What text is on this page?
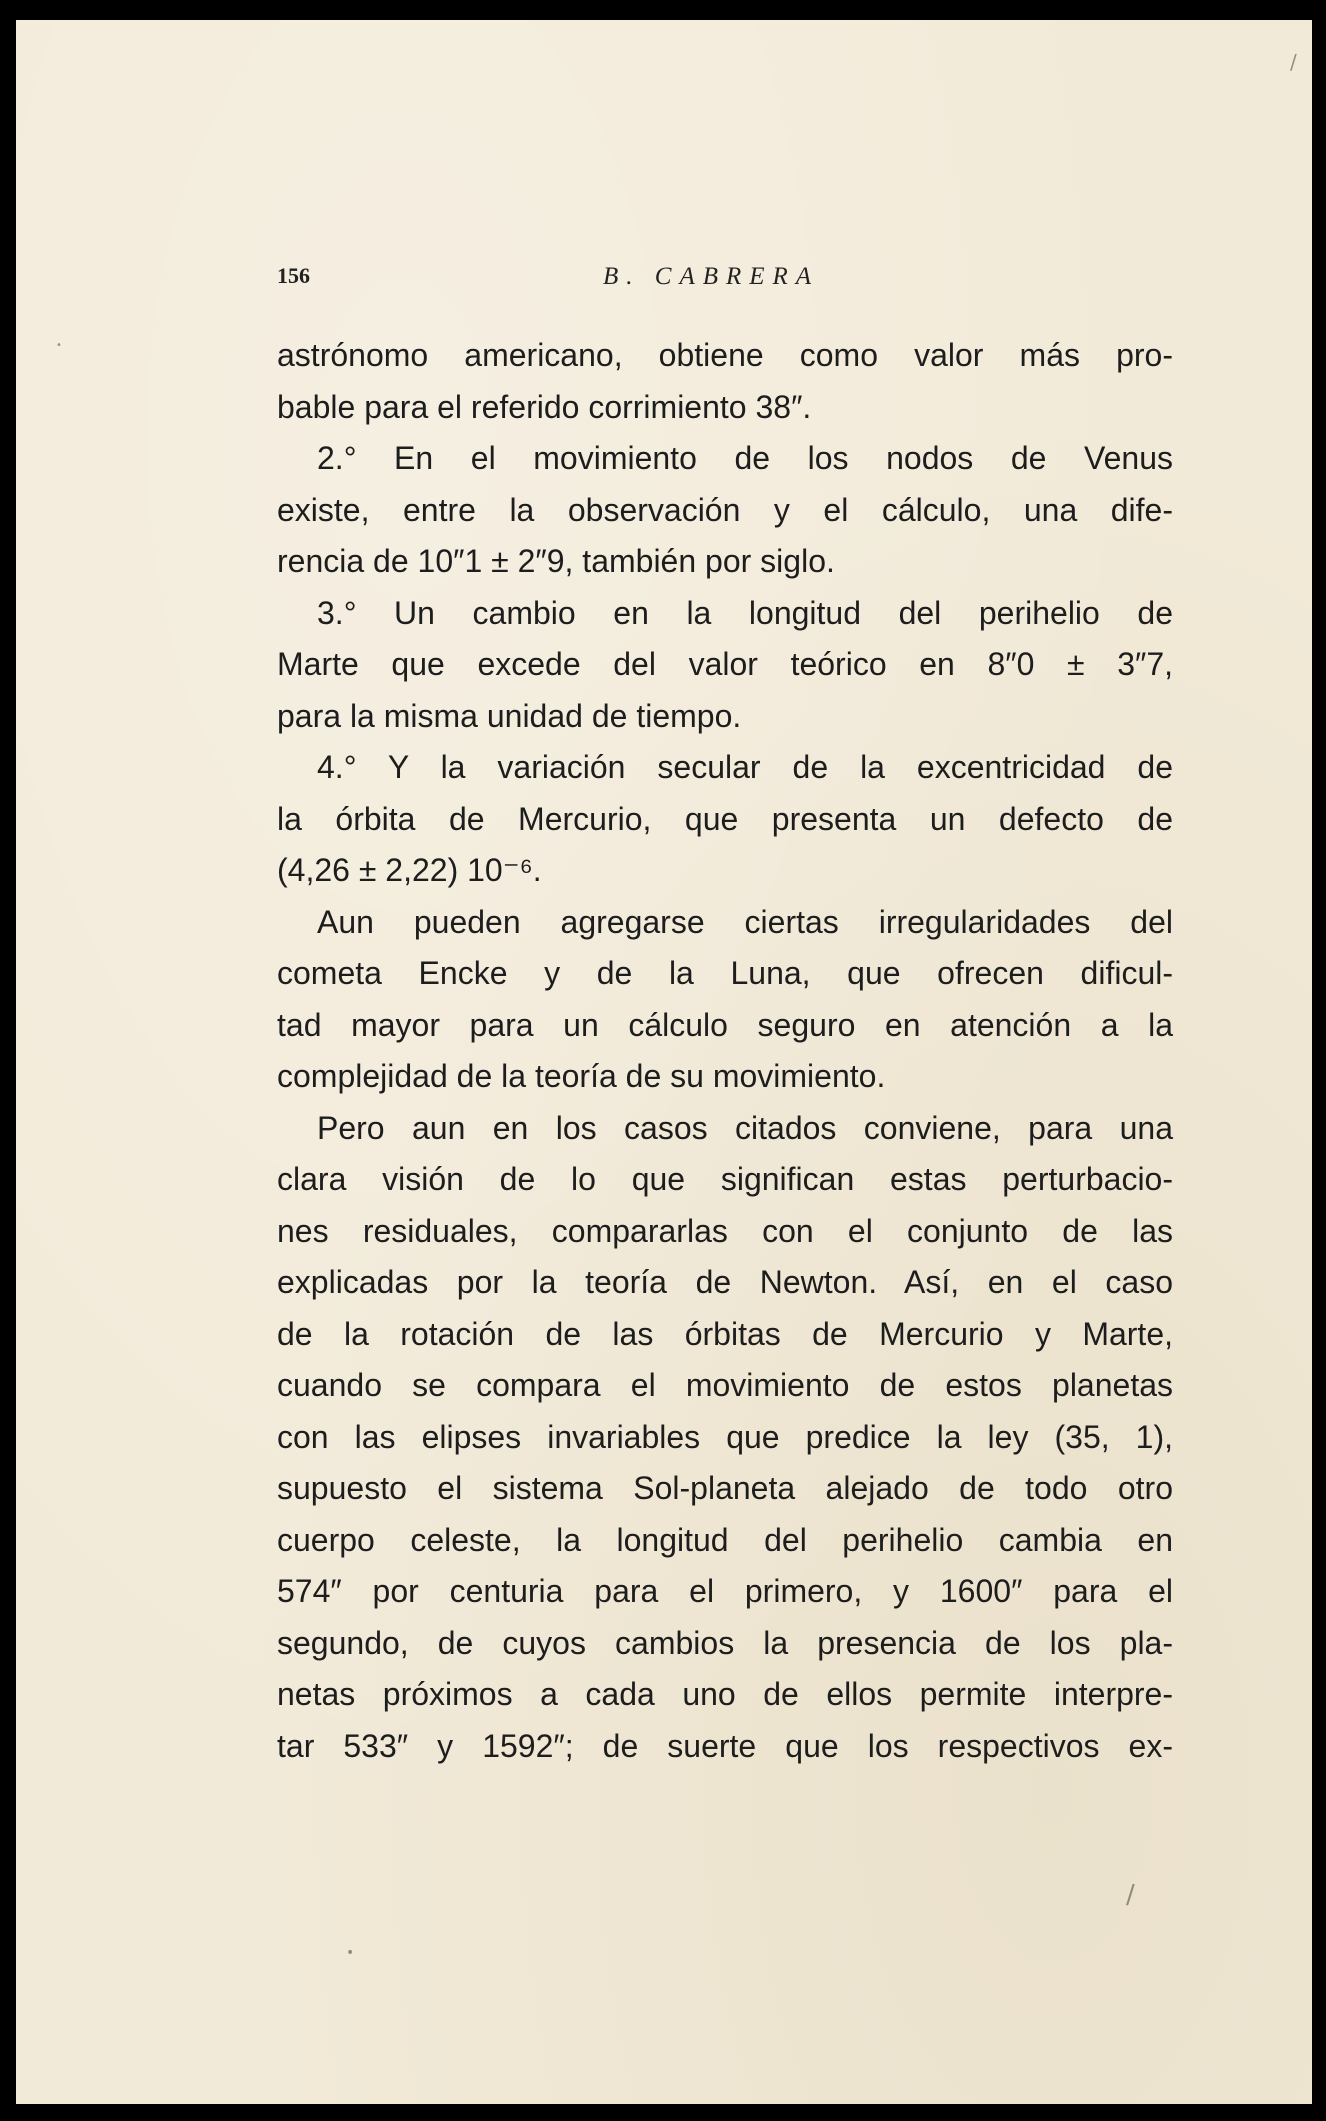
/
/
•
•
156	B. CABRERA
astrónomo americano, obtiene como valor más pro-
bable para el referido corrimiento 38″.
2.° En el movimiento de los nodos de Venus
existe, entre la observación y el cálculo, una dife-
rencia de 10″1 ± 2″9, también por siglo.
3.° Un cambio en la longitud del perihelio de
Marte que excede del valor teórico en 8″0 ± 3″7,
para la misma unidad de tiempo.
4.° Y la variación secular de la excentricidad de
la órbita de Mercurio, que presenta un defecto de
(4,26 ± 2,22) 10⁻⁶.
Aun pueden agregarse ciertas irregularidades del
cometa Encke y de la Luna, que ofrecen dificul-
tad mayor para un cálculo seguro en atención a la
complejidad de la teoría de su movimiento.
Pero aun en los casos citados conviene, para una
clara visión de lo que significan estas perturbacio-
nes residuales, compararlas con el conjunto de las
explicadas por la teoría de Newton. Así, en el caso
de la rotación de las órbitas de Mercurio y Marte,
cuando se compara el movimiento de estos planetas
con las elipses invariables que predice la ley (35, 1),
supuesto el sistema Sol-planeta alejado de todo otro
cuerpo celeste, la longitud del perihelio cambia en
574″ por centuria para el primero, y 1600″ para el
segundo, de cuyos cambios la presencia de los pla-
netas próximos a cada uno de ellos permite interpre-
tar 533″ y 1592″; de suerte que los respectivos ex-
